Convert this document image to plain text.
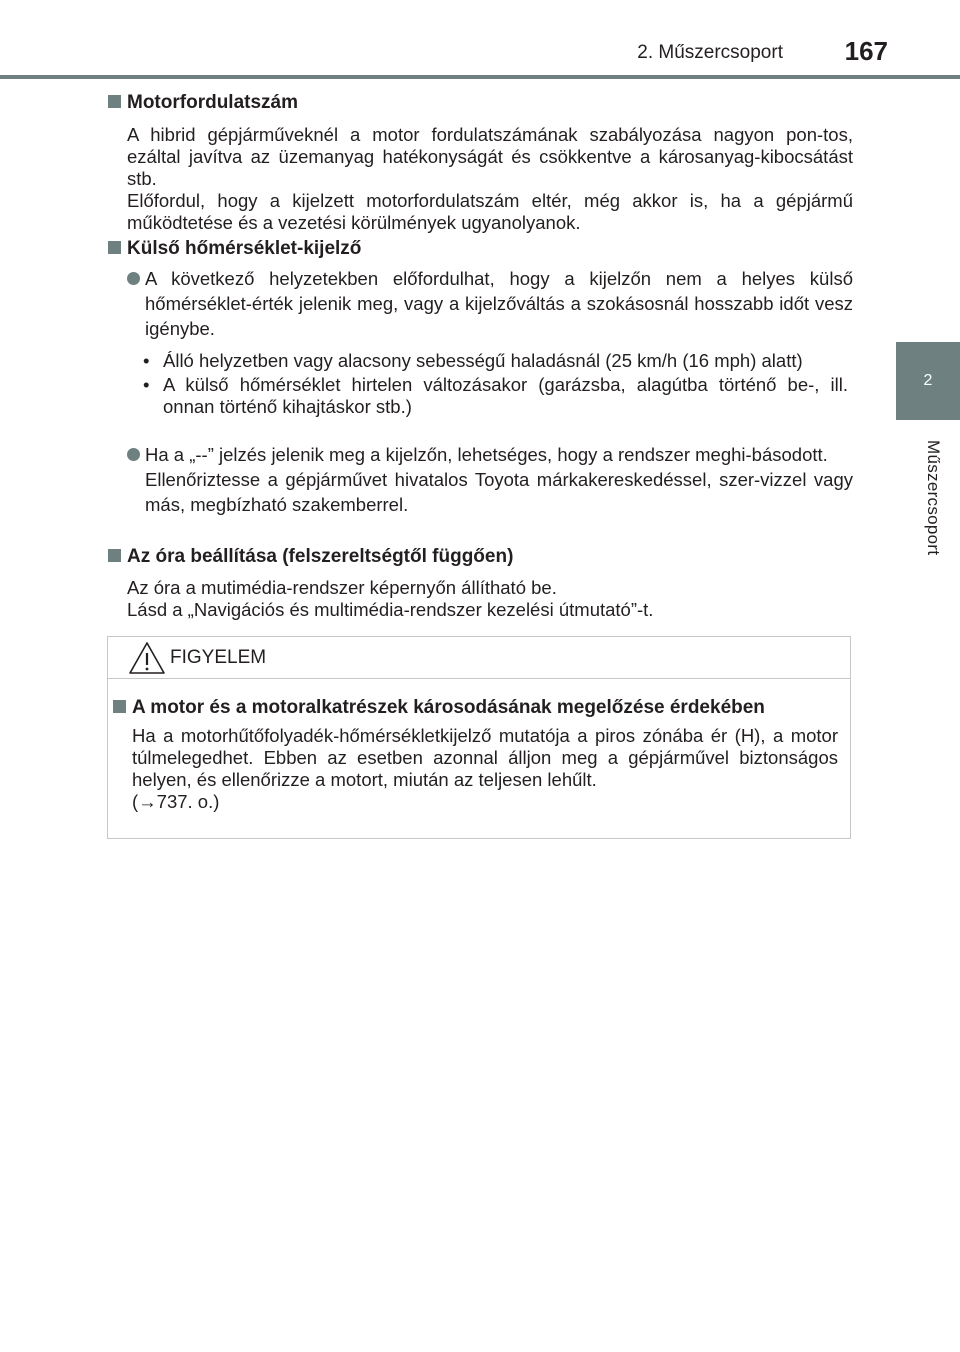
2. Műszercsoport	167
2
Műszercsoport
Motorfordulatszám

A hibrid gépjárműveknél a motor fordulatszámának szabályozása nagyon pon-tos, ezáltal javítva az üzemanyag hatékonyságát és csökkentve a károsanyag-kibocsátást stb.

Előfordul, hogy a kijelzett motorfordulatszám eltér, még akkor is, ha a gépjármű működtetése és a vezetési körülmények ugyanolyanok.

Külső hőmérséklet-kijelző
A következő helyzetekben előfordulhat, hogy a kijelzőn nem a helyes külső hőmérséklet-érték jelenik meg, vagy a kijelzőváltás a szokásosnál hosszabb időt vesz igénybe.
• Álló helyzetben vagy alacsony sebességű haladásnál (25 km/h (16 mph) alatt)
• A külső hőmérséklet hirtelen változásakor (garázsba, alagútba történő be-, ill. onnan történő kihajtáskor stb.)
Ha a „--” jelzés jelenik meg a kijelzőn, lehetséges, hogy a rendszer meghi-básodott.
Ellenőriztesse a gépjárművet hivatalos Toyota márkakereskedéssel, szer-vizzel vagy más, megbízható szakemberrel.
Az óra beállítása (felszereltségtől függően)

Az óra a mutimédia-rendszer képernyőn állítható be.

Lásd a „Navigációs és multimédia-rendszer kezelési útmutató”-t.

FIGYELEM
A motor és a motoralkatrészek károsodásának megelőzése érdekében

Ha a motorhűtőfolyadék-hőmérsékletkijelző mutatója a piros zónába ér (H), a motor túlmelegedhet. Ebben az esetben azonnal álljon meg a gépjárművel biztonságos helyen, és ellenőrizze a motort, miután az teljesen lehűlt.

(→737. o.)
